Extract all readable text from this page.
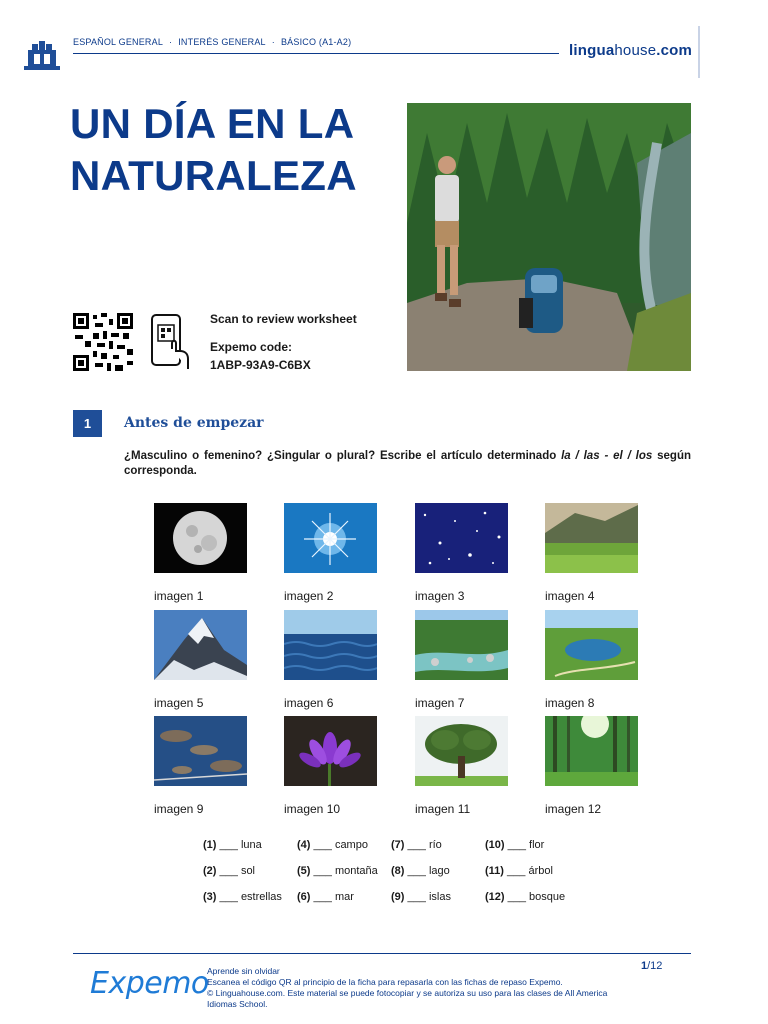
ESPAÑOL GENERAL · INTERÉS GENERAL · BÁSICO (A1-A2)	linguahouse.com
UN DÍA EN LA
NATURALEZA
Scan to review worksheet
Expemo code:
1ABP-93A9-C6BX
1	Antes de empezar
¿Masculino o femenino? ¿Singular o plural? Escribe el artículo determinado la / las - el / los según corresponda.
imagen 1	imagen 2	imagen 3	imagen 4
imagen 5	imagen 6	imagen 7	imagen 8
imagen 9	imagen 10	imagen 11	imagen 12
(1) ___ luna
(2) ___ sol
(3) ___ estrellas
(4) ___ campo
(5) ___ montaña
(6) ___ mar
(7) ___ río
(8) ___ lago
(9) ___ islas
(10) ___ flor
(11) ___ árbol
(12) ___ bosque
Expemo
Aprende sin olvidar
Escanea el código QR al principio de la ficha para repasarla con las fichas de repaso Expemo.
© Linguahouse.com. Este material se puede fotocopiar y se autoriza su uso para las clases de All America Idiomas School.
1/12
